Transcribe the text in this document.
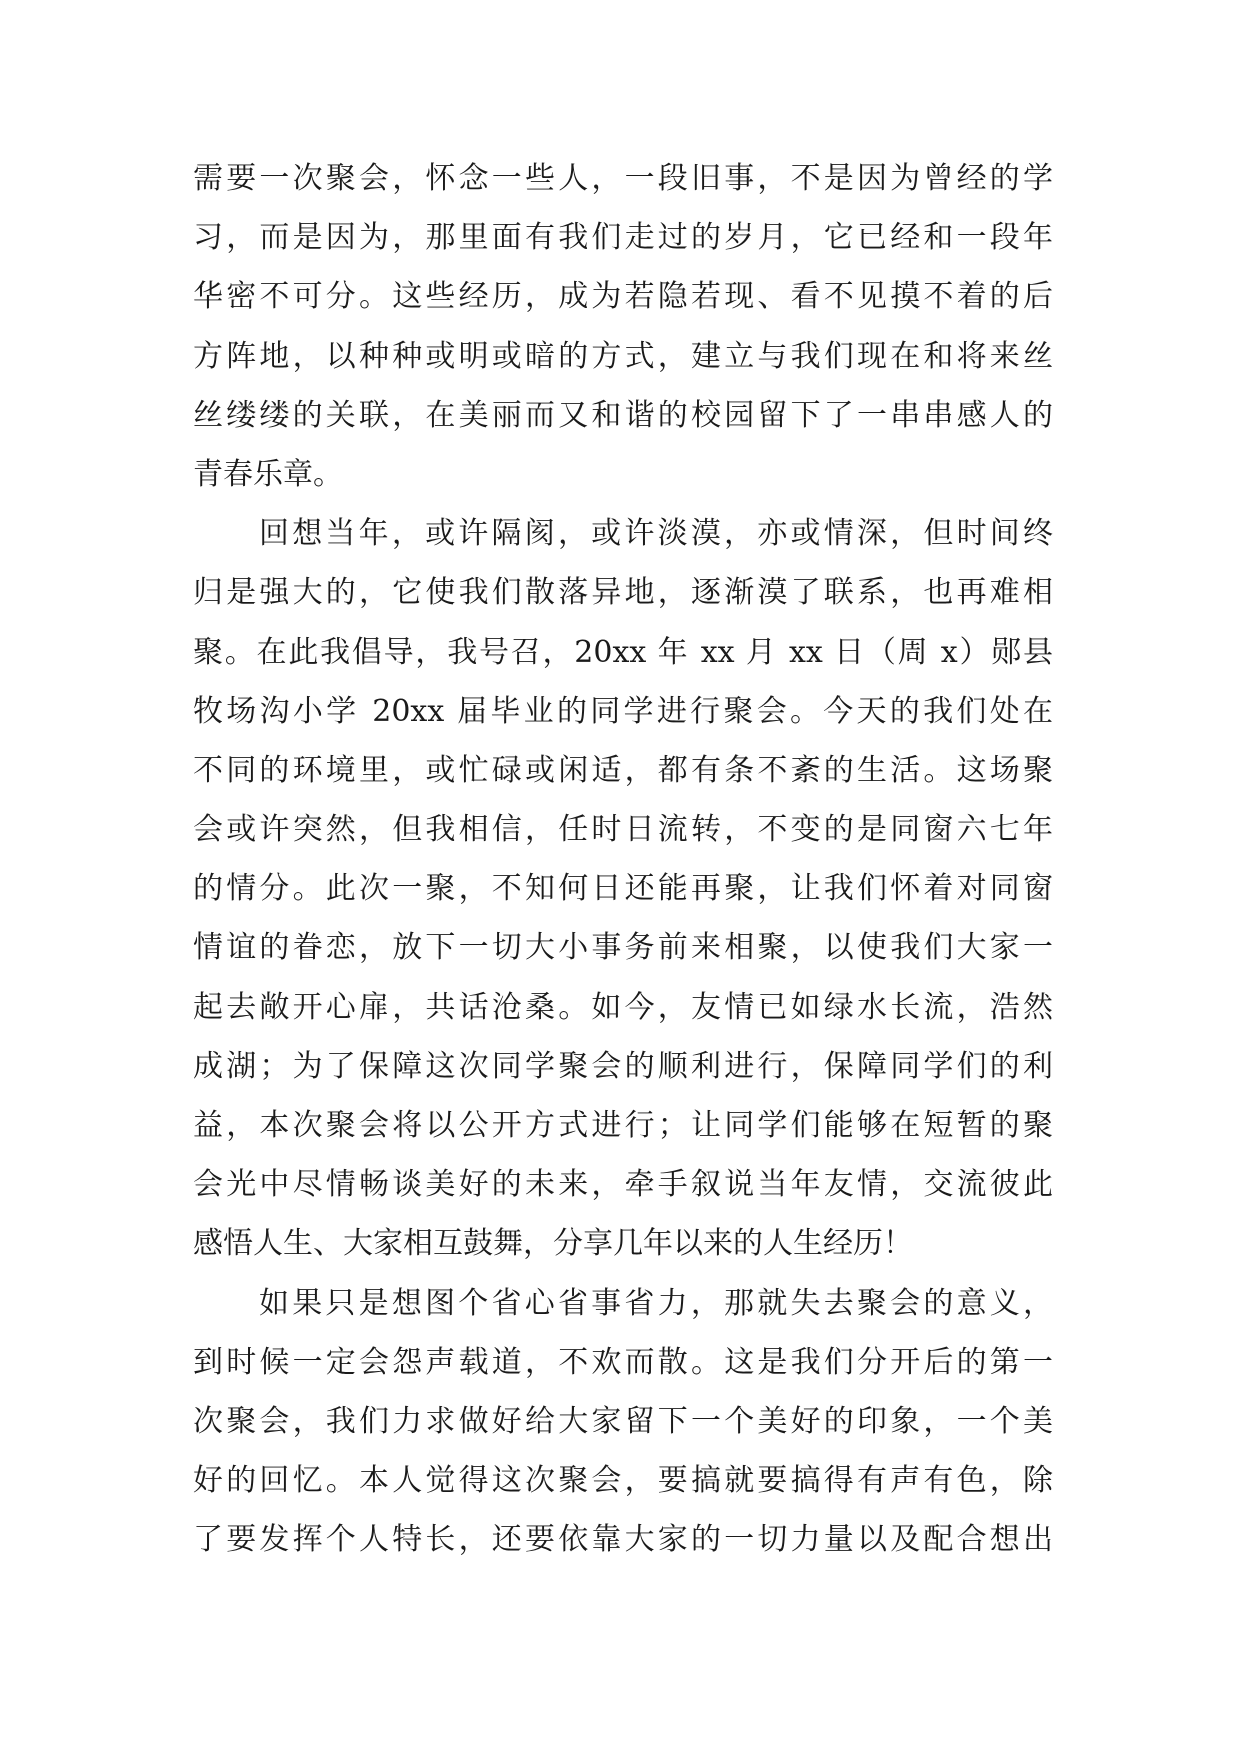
需要一次聚会，怀念一些人，一段旧事，不是因为曾经的学
习，而是因为，那里面有我们走过的岁月，它已经和一段年
华密不可分。这些经历，成为若隐若现、看不见摸不着的后
方阵地，以种种或明或暗的方式，建立与我们现在和将来丝
丝缕缕的关联，在美丽而又和谐的校园留下了一串串感人的
青春乐章。
回想当年，或许隔阂，或许淡漠，亦或情深，但时间终
归是强大的，它使我们散落异地，逐渐漠了联系，也再难相
聚。在此我倡导，我号召，20xx 年 xx 月 xx 日（周 x）郧县
牧场沟小学 20xx 届毕业的同学进行聚会。今天的我们处在
不同的环境里，或忙碌或闲适，都有条不紊的生活。这场聚
会或许突然，但我相信，任时日流转，不变的是同窗六七年
的情分。此次一聚，不知何日还能再聚，让我们怀着对同窗
情谊的眷恋，放下一切大小事务前来相聚，以使我们大家一
起去敞开心扉，共话沧桑。如今，友情已如绿水长流，浩然
成湖；为了保障这次同学聚会的顺利进行，保障同学们的利
益，本次聚会将以公开方式进行；让同学们能够在短暂的聚
会光中尽情畅谈美好的未来，牵手叙说当年友情，交流彼此
感悟人生、大家相互鼓舞，分享几年以来的人生经历！
如果只是想图个省心省事省力，那就失去聚会的意义，
到时候一定会怨声载道，不欢而散。这是我们分开后的第一
次聚会，我们力求做好给大家留下一个美好的印象，一个美
好的回忆。本人觉得这次聚会，要搞就要搞得有声有色，除
了要发挥个人特长，还要依靠大家的一切力量以及配合想出
